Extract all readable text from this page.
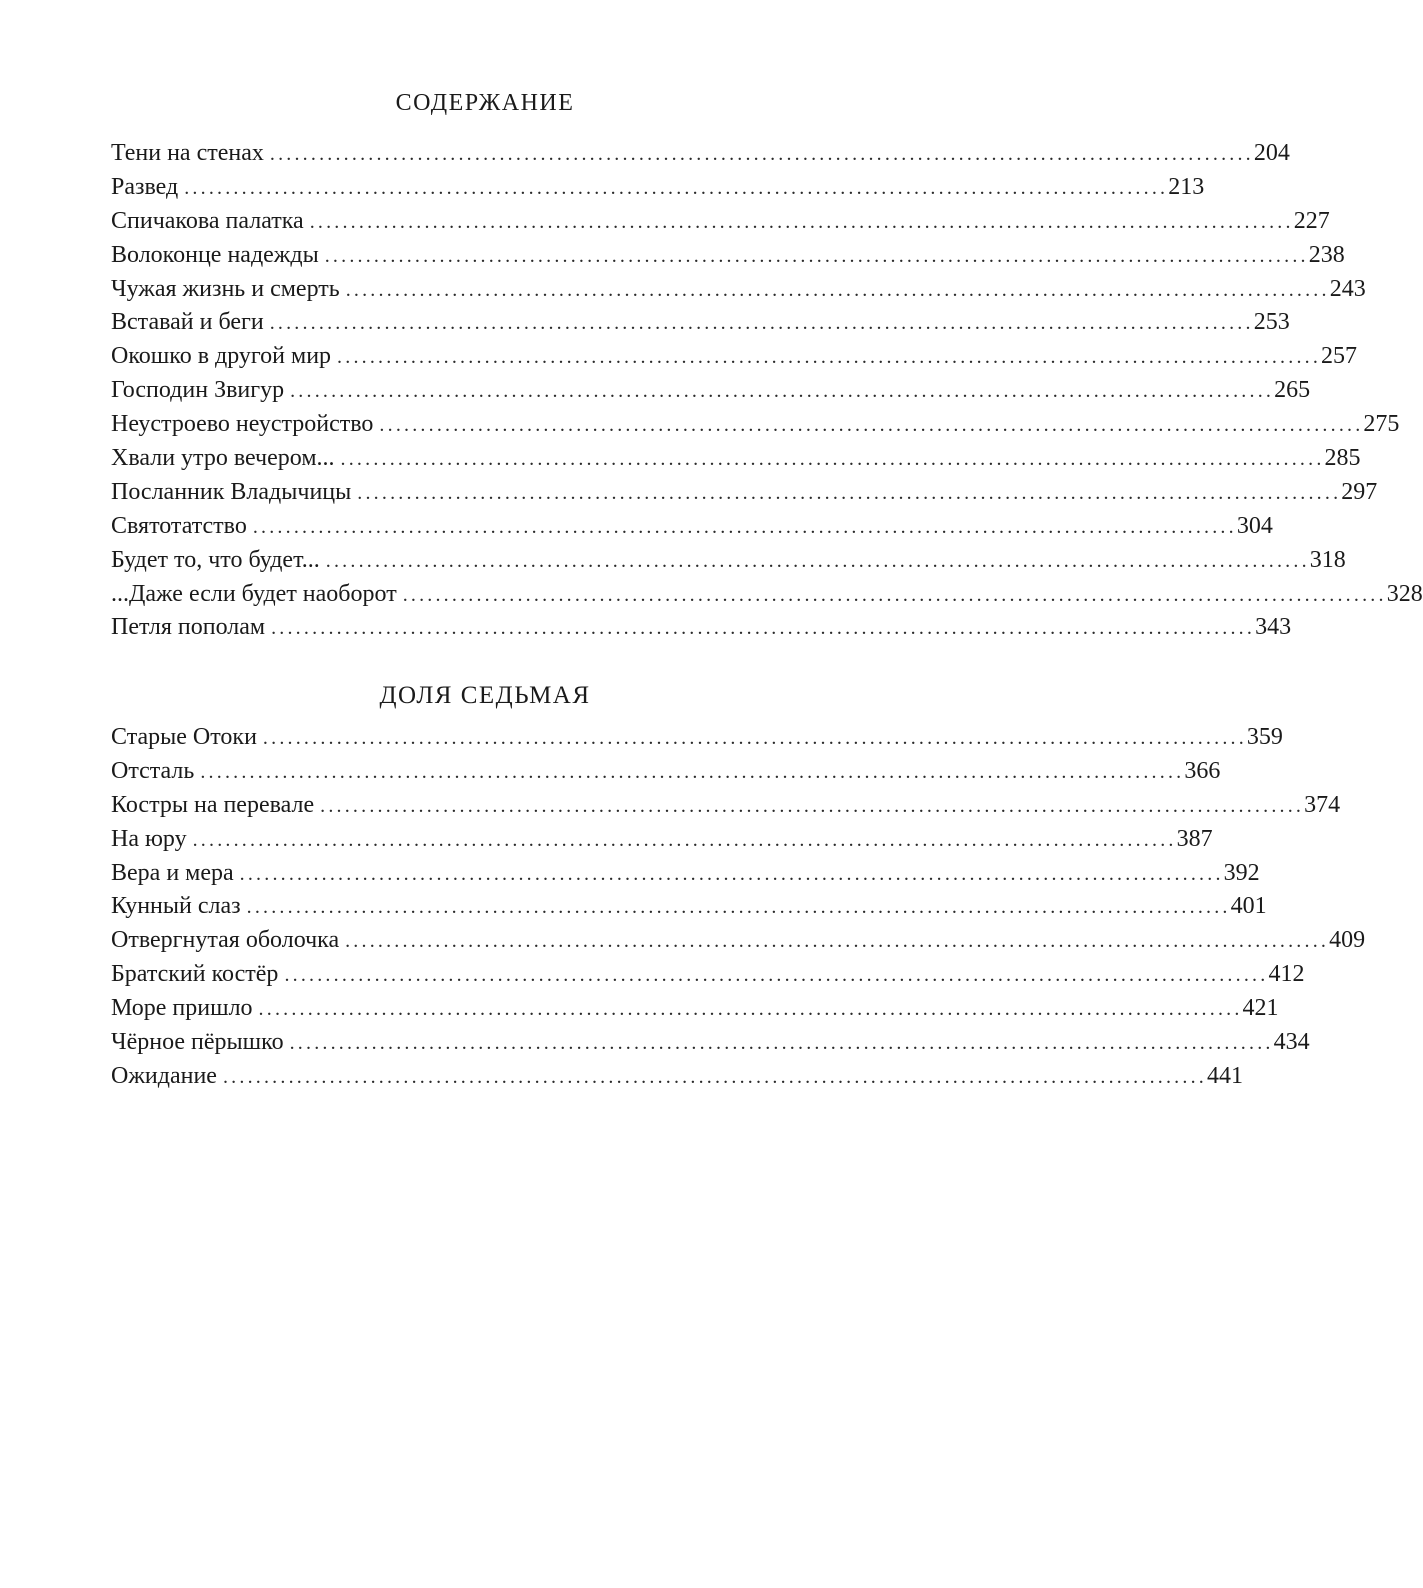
СОДЕРЖАНИЕ
Тени на стенах ........................................................................................................................ 204
Развед ........................................................................................................................ 213
Спичакова палатка ........................................................................................................................ 227
Волоконце надежды ........................................................................................................................ 238
Чужая жизнь и смерть ........................................................................................................................ 243
Вставай и беги ........................................................................................................................ 253
Окошко в другой мир ........................................................................................................................ 257
Господин Звигур ........................................................................................................................ 265
Неустроево неустройство ........................................................................................................................ 275
Хвали утро вечером... ........................................................................................................................ 285
Посланник Владычицы ........................................................................................................................ 297
Святотатство ........................................................................................................................ 304
Будет то, что будет... ........................................................................................................................ 318
...Даже если будет наоборот ........................................................................................................................ 328
Петля пополам ........................................................................................................................ 343
ДОЛЯ СЕДЬМАЯ
Старые Отоки ........................................................................................................................ 359
Отсталь ........................................................................................................................ 366
Костры на перевале ........................................................................................................................ 374
На юру ........................................................................................................................ 387
Вера и мера ........................................................................................................................ 392
Кунный слаз ........................................................................................................................ 401
Отвергнутая оболочка ........................................................................................................................ 409
Братский костёр ........................................................................................................................ 412
Море пришло ........................................................................................................................ 421
Чёрное пёрышко ........................................................................................................................ 434
Ожидание ........................................................................................................................ 441
